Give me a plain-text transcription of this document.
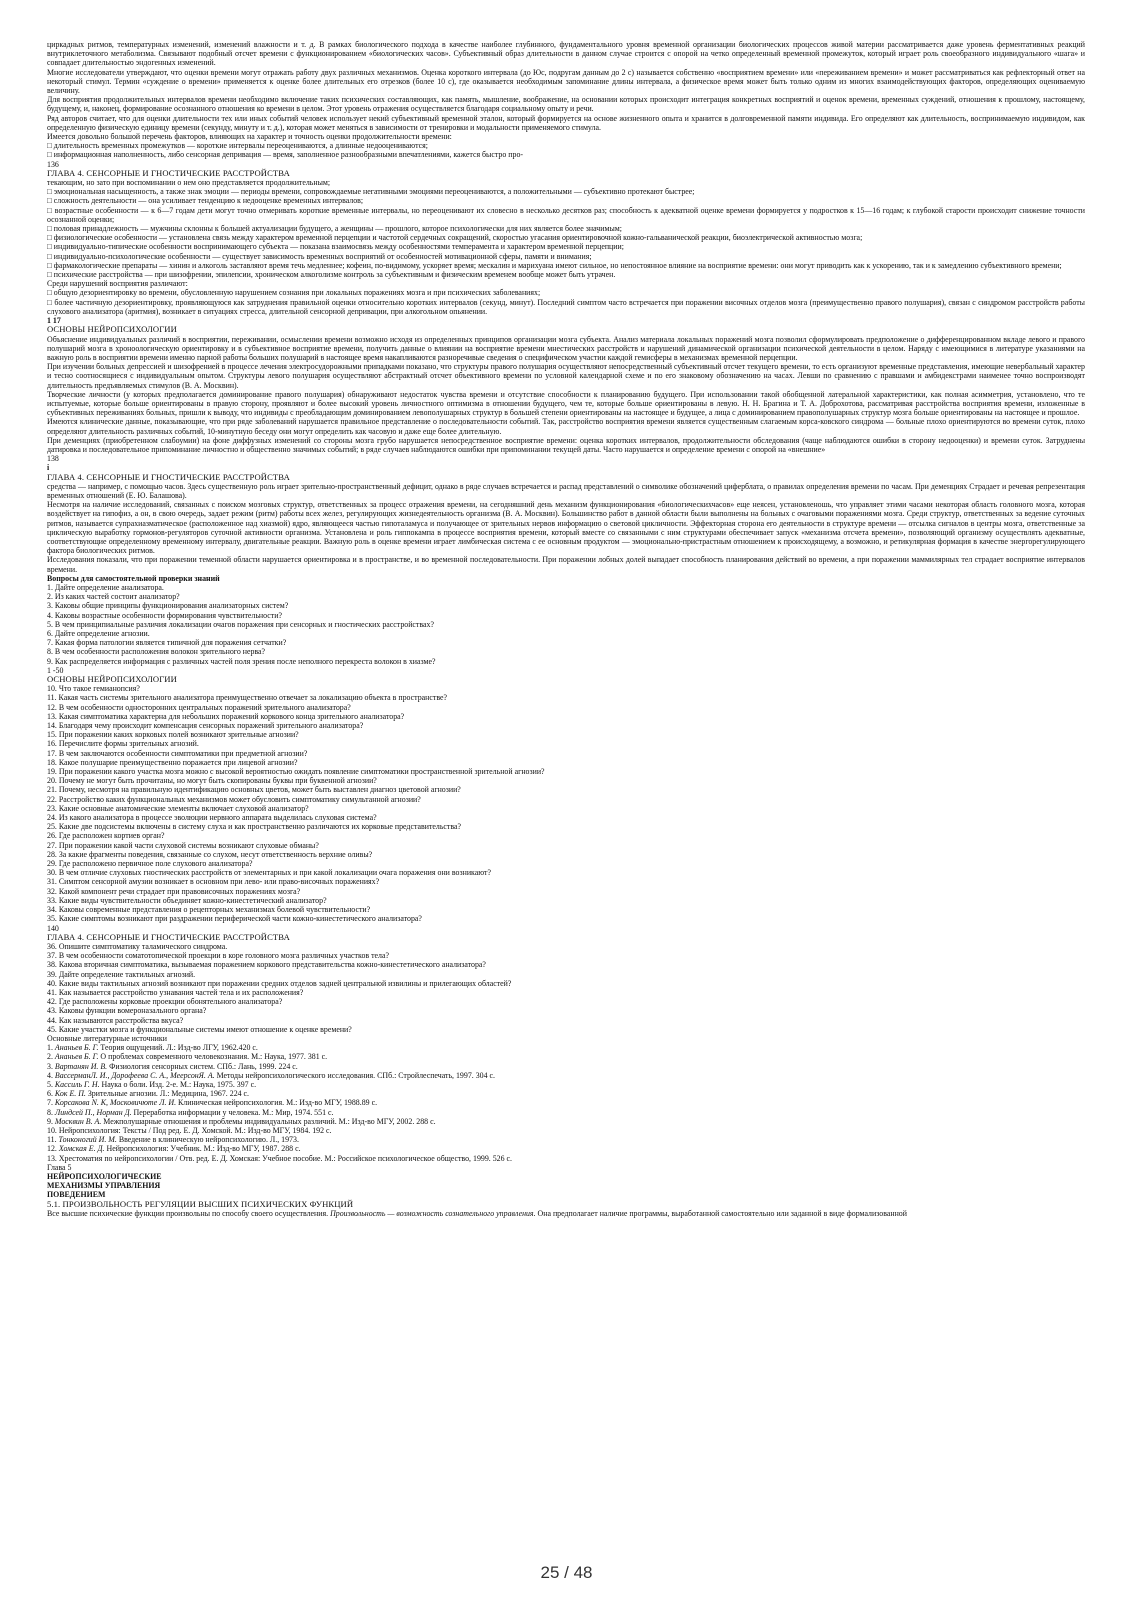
циркадных ритмов, температурных изменений, изменений влажности и т. д. В рамках биологического подхода в качестве наиболее глубинного, фундаментального уровня временной организации биологических процессов живой материи рассматривается даже уровень ферментативных реакций внутриклеточного метаболизма. Связывают подобный отсчет времени с функционированием «биологических часов». Субъективный образ длительности в данном случае строится с опорой на четко определенный временной промежуток, который играет роль своеобразного индивидуального «шага» и совпадает длительностью эндогенных изменений.

Многие исследователи утверждают, что оценки времени могут отражать работу двух различных механизмов. Оценка короткого интервала (до Юс, подругам данным до 2 с) называется собственно «восприятием времени» или «переживанием времени» и может рассматриваться как рефлекторный ответ на некоторый стимул. Термин «суждение о времени» применяется к оценке более длительных его отрезков (более 10 с), где оказывается необходимым запоминание длины интервала, а физическое время может быть только одним из многих взаимодействующих факторов, определяющих оцениваемую величину.

Для восприятия продолжительных интервалов времени необходимо включение таких психических составляющих, как память, мышление, воображение, на основании которых происходит интеграция конкретных восприятий и оценок времени, временных суждений, отношения к прошлому, настоящему, будущему, и, наконец, формирование осознанного отношения ко времени в целом. Этот уровень отражения осуществляется благодаря социальному опыту и речи.

Ряд авторов считает, что для оценки длительности тех или иных событий человек использует некий субъективный временной эталон, который формируется на основе жизненного опыта и хранится в долговременной памяти индивида. Его определяют как длительность, воспринимаемую индивидом, как определенную физическую единицу времени (секунду, минуту и т. д.), которая может меняться в зависимости от тренировки и модальности применяемого стимула.

Имеется довольно большой перечень факторов, влияющих на характер и точность оценки продолжительности времени:

□ длительность временных промежутков — короткие интервалы переоцениваются, а длинные недооцениваются;

□ информационная наполненность, либо сенсорная депривация — время, заполненное разнообразными впечатлениями, кажется быстро про-

136

ГЛАВА 4. СЕНСОРНЫЕ И ГНОСТИЧЕСКИЕ РАССТРОЙСТВА

текающим, но зато при воспоминании о нем оно представляется продолжительным;

□ эмоциональная насыщенность, а также знак эмоции — периоды времени, сопровождаемые негативными эмоциями переоцениваются, а положительными — субъективно протекают быстрее;

□ сложность деятельности — она усиливает тенденцию к недооценке временных интервалов;

□ возрастные особенности — к 6—7 годам дети могут точно отмеривать короткие временные интервалы, но переоценивают их словесно в несколько десятков раз; способность к адекватной оценке времени формируется у подростков к 15—16 годам; к глубокой старости происходит снижение точности осознанной оценки;

□ половая принадлежность — мужчины склонны к большей актуализации будущего, а женщины — прошлого, которое психологически для них является более значимым;

□ физиологические особенности — установлена связь между характером временной перцепции и частотой сердечных сокращений, скоростью угасания ориентировочной кожно-гальванической реакции, биоэлектрической активностью мозга;

□ индивидуально-типические особенности воспринимающего субъекта — показана взаимосвязь между особенностями темперамента и характером временной перцепции;

□ индивидуально-психологические особенности — существует зависимость временных восприятий от особенностей мотивационной сферы, памяти и внимания;

□ фармакологические препараты — хинин и алкоголь заставляют время течь медленнее; кофеин, по-видимому, ускоряет время; мескалин и марихуана имеют сильное, но непостоянное влияние на восприятие времени: они могут приводить как к ускорению, так и к замедлению субъективного времени;

□ психические расстройства — при шизофрении, эпилепсии, хроническом алкоголизме контроль за субъективным и физическим временем вообще может быть утрачен.

Среди нарушений восприятия различают:

□ общую дезориентировку во времени, обусловленную нарушением сознания при локальных поражениях мозга и при психических заболеваниях;

□ более частичную дезориентировку, проявляющуюся как затруднения правильной оценки относительно коротких интервалов (секунд, минут). Последний симптом часто встречается при поражении височных отделов мозга (преимущественно правого полушария), связан с синдромом расстройств работы слухового анализатора (аритмия), возникает в ситуациях стресса, длительной сенсорной депривации, при алкогольном опьянении.

1 17

ОСНОВЫ НЕЙРОПСИХОЛОГИИ

Объяснение индивидуальных различий в восприятии, переживании, осмыслении времени возможно исходя из определенных принципов организации мозга субъекта. Анализ материала локальных поражений мозга позволил сформулировать предположение о дифференцированном вкладе левого и правого полушарий мозга в хроноологическую ориентировку и в субъективное восприятие времени, получить данные о влиянии на восприятие времени мнестических расстройств и нарушений динамической организации психической деятельности в целом. Наряду с имеющимися в литературе указаниями на важную роль в восприятии времени именно парной работы больших полушарий в настоящее время накапливаются разноречивые сведения о специфическом участии каждой гемисферы в механизмах временной перцепции.

При изучении больных депрессией и шизофренией в процессе лечения электросудорожными припадками показано, что структуры правого полушария осуществляют непосредственный субъективный отсчет текущего времени, то есть организуют временные представления, имеющие невербальный характер и тесно соотносящиеся с индивидуальным опытом. Структуры левого полушария осуществляют абстрактный отсчет объективного времени по условной календарной схеме и по его знаковому обозначению на часах. Левши по сравнению с правшами и амбидекстрами наименее точно воспроизводят длительность предъявляемых стимулов (В. А. Москвин).

Творческие личности (у которых предполагается доминирование правого полушария) обнаруживают недостаток чувства времени и отсутствие способности к планированию будущего. При использовании такой обобщенной латеральной характеристики, как полная асимметрия, установлено, что те испытуемые, которые больше ориентированы в правую сторону, проявляют и более высокий уровень личностного оптимизма в отношении будущего, чем те, которые больше ориентированы в левую. Н. Н. Брагина и Т. А. Доброхотова, рассматривая расстройства восприятия времени, изложенные в субъективных переживаниях больных, пришли к выводу, что индивиды с преобладающим доминированием левополушарных структур в большей степени ориентированы на настоящее и будущее, а лица с доминированием правополушарных структур мозга больше ориентированы на настоящее и прошлое.

Имеются клинические данные, показывающие, что при ряде заболеваний нарушается правильное представление о последовательности событий. Так, расстройство восприятия времени является существенным слагаемым корса-ковского синдрома — больные плохо ориентируются во времени суток, плохо определяют длительность различных событий, 10-минутную беседу они могут определить как часовую и даже еще более длительную.

При деменциях (приобретенном слабоумии) на фоне диффузных изменений со стороны мозга грубо нарушается непосредственное восприятие времени: оценка коротких интервалов, продолжительности обследования (чаще наблюдаются ошибки в сторону недооценки) и времени суток. Затруднены датировка и последовательное припоминание личностно и общественно значимых событий; в ряде случаев наблюдаются ошибки при припоминании текущей даты. Часто нарушается и определение времени с опорой на «внешние»

138

i

ГЛАВА 4. СЕНСОРНЫЕ И ГНОСТИЧЕСКИЕ РАССТРОЙСТВА

средства — например, с помощью часов. Здесь существенную роль играет зрительно-пространственный дефицит, однако в ряде случаев встречается и распад представлений о символике обозначений циферблата, о правилах определения времени по часам. При деменциях Страдает и речевая репрезентация временных отношений (Е. Ю. Балашова).

Несмотря на наличие исследований, связанных с поиском мозговых структур, ответственных за процесс отражения времени, на сегодняшний день механизм функционирования «биологическихчасов» еще неясен, установленошь, что управляет этими часами некоторая область головного мозга, которая воздействует на гипофиз, а он, в свою очередь, задает режим (ритм) работы всех желез, регулирующих жизнедеятельность организма (В. А. Москвин). Большинство работ в данной области были выполнены на больных с очаговыми поражениями мозга. Среди структур, ответственных за ведение суточных ритмов, называется супрахиазматическое (расположенное над хиазмой) ядро, являющееся частью гипоталамуса и получающее от зрительных нервов информацию о световой цикличности. Эффекторная сторона его деятельности в структуре времени — отсылка сигналов в центры мозга, ответственные за циклическую выработку гормонов-регуляторов суточной активности организма. Установлена и роль гиппокампа в процессе восприятия времени, который вместе со связанными с ним структурами обеспечивает запуск «механизма отсчета времени», позволяющий организму осуществлять адекватные, соответствующие определенному временному интервалу, двигательные реакции. Важную роль в оценке времени играет лимбическая система с ее основным продуктом — эмоционально-пристрастным отношением к происходящему, а возможно, и ретикулярная формация в качестве энергорегулирующего фактора биологических ритмов.

Исследования показали, что при поражении теменной области нарушается ориентировка и в пространстве, и во временной последовательности. При поражении лобных долей выпадает способность планирования действий во времени, а при поражении маммилярных тел страдает восприятие интервалов времени.

Вопросы для самостоятельной проверки знаний

1. Дайте определение анализатора.

2. Из каких частей состоит анализатор?

3. Каковы общие принципы функционирования анализаторных систем?

4. Каковы возрастные особенности формирования чувствительности?

5. В чем принципиальные различия локализации очагов поражения при сенсорных и гностических расстройствах?

6. Дайте определение агнозии.

7. Какая форма патологии является типичной для поражения сетчатки?

8. В чем особенности расположения волокон зрительного нерва?

9. Как распределяется информация с различных частей поля зрения после неполного перекреста волокон в хиазме?

1 -50

ОСНОВЫ НЕЙРОПСИХОЛОГИИ

10. Что такое гемианопсия?

11. Какая часть системы зрительного анализатора преимущественно отвечает за локализацию объекта в пространстве?

12. В чем особенности односторонних центральных поражений зрительного анализатора?

13. Какая симптоматика характерна для небольших поражений коркового конца зрительного анализатора?

14. Благодаря чему происходит компенсация сенсорных поражений зрительного анализатора?

15. При поражении каких корковых полей возникают зрительные агнозии?

16. Перечислите формы зрительных агнозий.

17. В чем заключаются особенности симптоматики при предметной агнозии?

18. Какое полушарие преимущественно поражается при лицевой агнозии?

19. При поражении какого участка мозга можно с высокой вероятностью ожидать появление симптоматики пространственной зрительной агнозии?

20. Почему не могут быть прочитаны, но могут быть скопированы буквы при буквенной агнозии?

21. Почему, несмотря на правильную идентификацию основных цветов, может быть выставлен диагноз цветовой агнозии?

22. Расстройство каких функциональных механизмов может обусловить симптоматику симультанной агнозии?

23. Какие основные анатомические элементы включает слуховой анализатор?

24. Из какого анализатора в процессе эволюции нервного аппарата выделилась слуховая система?

25. Какие две подсистемы включены в систему слуха и как пространственно различаются их корковые представительства?

26. Где расположен кортиев орган?

27. При поражении какой части слуховой системы возникают слуховые обманы?

28. За какие фрагменты поведения, связанные со слухом, несут ответственность верхние оливы?

29. Где расположено первичное поле слухового анализатора?

30. В чем отличие слуховых гностических расстройств от элементарных и при какой локализации очага поражения они возникают?

31. Симптом сенсорной амузии возникает в основном при лево- или право-височных поражениях?

32. Какой компонент речи страдает при правовисочных поражениях мозга?

33. Какие виды чувствительности объединяет кожно-кинестетический анализатор?

34. Каковы современные представления о рецепторных механизмах болевой чувствительности?

35. Какие симптомы возникают при раздражении периферической части кожно-кинестетического анализатора?

140

ГЛАВА 4. СЕНСОРНЫЕ И ГНОСТИЧЕСКИЕ РАССТРОЙСТВА

36. Опишите симптоматику таламического синдрома.

37. В чем особенности соматотопической проекции в коре головного мозга различных участков тела?

38. Какова вторичная симптоматика, вызываемая поражением коркового представительства кожно-кинестетического анализатора?

39. Дайте определение тактильных агнозий.

40. Какие виды тактильных агнозий возникают при поражении средних отделов задней центральной извилины и прилегающих областей?

41. Как называется расстройство узнавания частей тела и их расположения?

42. Где расположены корковые проекции обонятельного анализатора?

43. Каковы функции вомероназального органа?

44. Как называются расстройства вкуса?

45. Какие участки мозга и функциональные системы имеют отношение к оценке времени?

Основные литературные источники

1. Ананьев Б. Г. Теория ощущений. Л.: Изд-во ЛГУ, 1962.420 с.

2. Ананьев Б. Г. О проблемах современного человекознания. М.: Наука, 1977. 381 с.

3. Вартанян И. В. Физиология сенсорных систем. СПб.: Лань, 1999. 224 с.

4. ВассерманЛ. И., Дорофеева С. А., МеерсонЯ. А. Методы нейропсихологического исследования. СПб.: Стройлеспечать, 1997. 304 с.

5. Кассиль Г. Н. Наука о боли. Изд. 2-е. М.: Наука, 1975. 397 с.

6. Кок Е. П. Зрительные агнозии. Л.: Медицина, 1967. 224 с.

7. Корсакова N. К, Московичюте Л. И. Клиническая нейропсихология. М.: Изд-во МГУ, 1988.89 с.

8. Линдсей П., Норман Д. Переработка информации у человека. М.: Мир, 1974. 551 с.

9. Москвин В. А. Межполушарные отношения и проблемы индивидуальных различий. М.: Изд-во МГУ, 2002. 288 с.

10. Нейропсихология: Тексты / Под ред. Е. Д. Хомской. М.: Изд-во МГУ, 1984. 192 с.

11. Тонконогий И. М. Введение в клиническую нейропсихологию. Л., 1973.

12. Хомская Е. Д. Нейропсихология: Учебник. М.: Изд-во МГУ, 1987. 288 с.

13. Хрестоматия по нейропсихологии / Отв. ред. Е. Д. Хомская: Учебное пособие. М.: Российское психологическое общество, 1999. 526 с.

Глава 5

НЕЙРОПСИХОЛОГИЧЕСКИЕ

МЕХАНИЗМЫ УПРАВЛЕНИЯ

ПОВЕДЕНИЕМ

5.1. ПРОИЗВОЛЬНОСТЬ РЕГУЛЯЦИИ ВЫСШИХ ПСИХИЧЕСКИХ ФУНКЦИЙ

Все высшие психические функции произвольны по способу своего осуществления. Произвольность — возможность сознательного управления. Она предполагает наличие программы, выработанной самостоятельно или заданной в виде формализованной

25 / 48
